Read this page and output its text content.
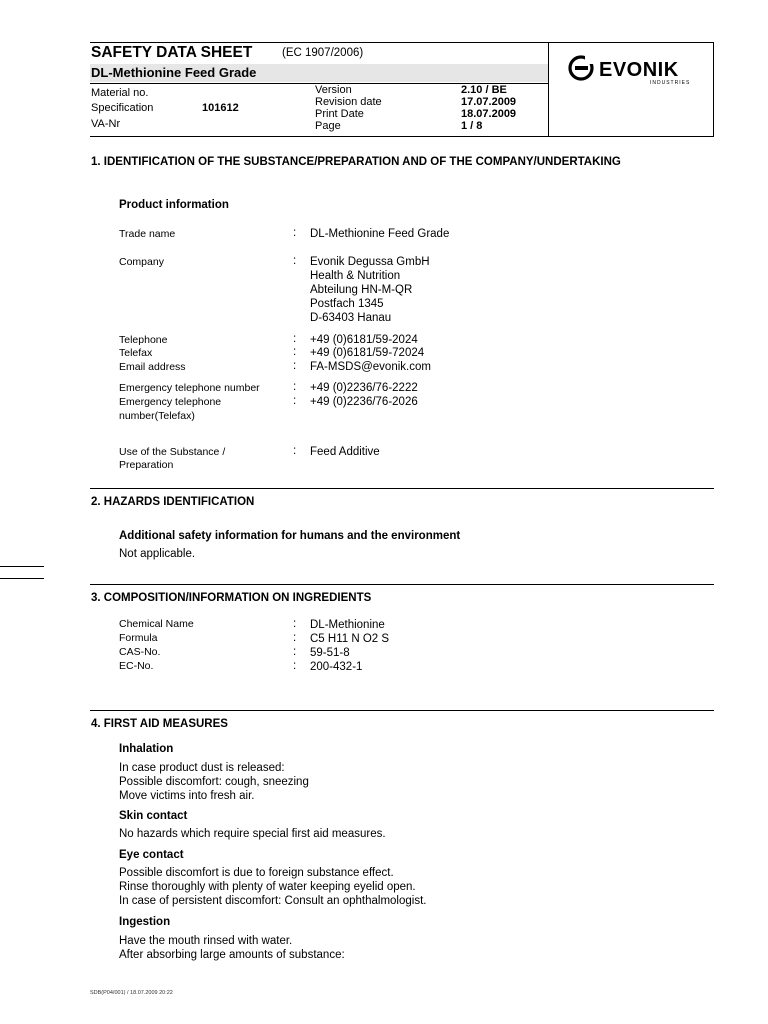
SAFETY DATA SHEET	(EC 1907/2006)
DL-Methionine Feed Grade
Material no.
Specification	101612
VA-Nr
Version	2.10 / BE
Revision date	17.07.2009
Print Date	18.07.2009
Page	1 / 8
EVONIK
INDUSTRIES
1. IDENTIFICATION OF THE SUBSTANCE/PREPARATION AND OF THE COMPANY/UNDERTAKING
Product information
Trade name	: DL-Methionine Feed Grade
Company	: Evonik Degussa GmbH
Health & Nutrition
Abteilung HN-M-QR
Postfach 1345
D-63403 Hanau
Telephone	: +49 (0)6181/59-2024
Telefax	: +49 (0)6181/59-72024
Email address	: FA-MSDS@evonik.com
Emergency telephone number	: +49 (0)2236/76-2222
Emergency telephone
number(Telefax)
: +49 (0)2236/76-2026
Use of the Substance /
Preparation
: Feed Additive
2. HAZARDS IDENTIFICATION
Additional safety information for humans and the environment
Not applicable.
3. COMPOSITION/INFORMATION ON INGREDIENTS
Chemical Name	: DL-Methionine
Formula	: C5 H11 N O2 S
CAS-No.	: 59-51-8
EC-No.	: 200-432-1
4. FIRST AID MEASURES
Inhalation
In case product dust is released:
Possible discomfort: cough, sneezing
Move victims into fresh air.
Skin contact
No hazards which require special first aid measures.
Eye contact
Possible discomfort is due to foreign substance effect.
Rinse thoroughly with plenty of water keeping eyelid open.
In case of persistent discomfort: Consult an ophthalmologist.
Ingestion
Have the mouth rinsed with water.
After absorbing large amounts of substance:
SDB(P04/001) / 18.07.2009 20:22
